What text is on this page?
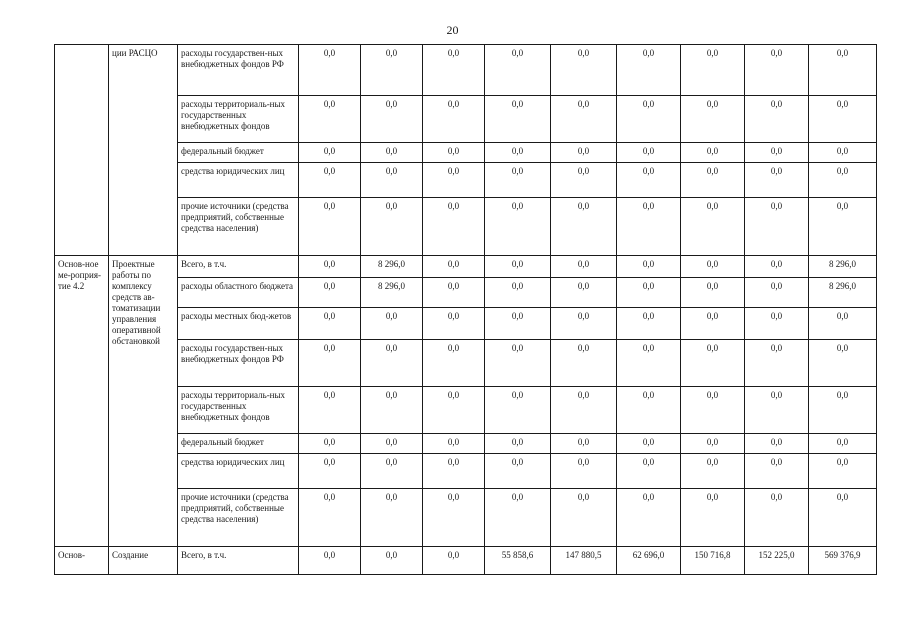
20
	ции РАСЦО	расходы государствен-ных внебюджетных фондов РФ	0,0	0,0	0,0	0,0	0,0	0,0	0,0	0,0	0,0
		расходы территориаль-ных государственных внебюджетных фондов	0,0	0,0	0,0	0,0	0,0	0,0	0,0	0,0	0,0
		федеральный бюджет	0,0	0,0	0,0	0,0	0,0	0,0	0,0	0,0	0,0
		средства юридических лиц	0,0	0,0	0,0	0,0	0,0	0,0	0,0	0,0	0,0
		прочие источники (средства предприятий, собственные средства населения)	0,0	0,0	0,0	0,0	0,0	0,0	0,0	0,0	0,0
Основ-ное ме-роприя-тие 4.2	Проектные работы по комплексу средств ав-томатизации управления оперативной обстановкой	Всего, в т.ч.	0,0	8 296,0	0,0	0,0	0,0	0,0	0,0	0,0	8 296,0
		расходы областного бюджета	0,0	8 296,0	0,0	0,0	0,0	0,0	0,0	0,0	8 296,0
		расходы местных бюд-жетов	0,0	0,0	0,0	0,0	0,0	0,0	0,0	0,0	0,0
		расходы государствен-ных внебюджетных фондов РФ	0,0	0,0	0,0	0,0	0,0	0,0	0,0	0,0	0,0
		расходы территориаль-ных государственных внебюджетных фондов	0,0	0,0	0,0	0,0	0,0	0,0	0,0	0,0	0,0
		федеральный бюджет	0,0	0,0	0,0	0,0	0,0	0,0	0,0	0,0	0,0
		средства юридических лиц	0,0	0,0	0,0	0,0	0,0	0,0	0,0	0,0	0,0
		прочие источники (средства предприятий, собственные средства населения)	0,0	0,0	0,0	0,0	0,0	0,0	0,0	0,0	0,0
Основ-	Создание	Всего, в т.ч.	0,0	0,0	0,0	55 858,6	147 880,5	62 696,0	150 716,8	152 225,0	569 376,9
